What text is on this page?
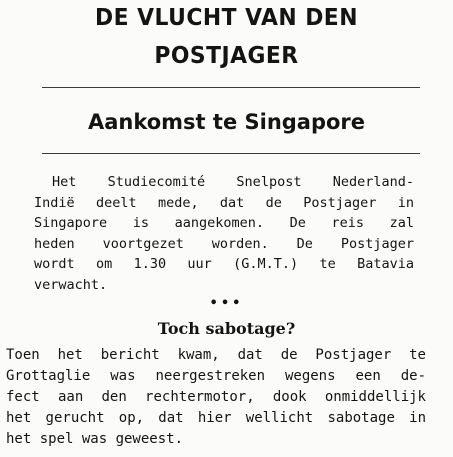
DE VLUCHT VAN DEN
POSTJAGER
Aankomst te Singapore
Het Studiecomité Snelpost Nederland-
Indië deelt mede, dat de Postjager in
Singapore is aangekomen. De reis zal
heden voortgezet worden. De Postjager
wordt om 1.30 uur (G.M.T.) te Batavia
verwacht.
•••
Toch sabotage?
Toen het bericht kwam, dat de Postjager te
Grottaglie was neergestreken wegens een de-
fect aan den rechtermotor, dook onmiddellijk
het gerucht op, dat hier wellicht sabotage in
het spel was geweest.
